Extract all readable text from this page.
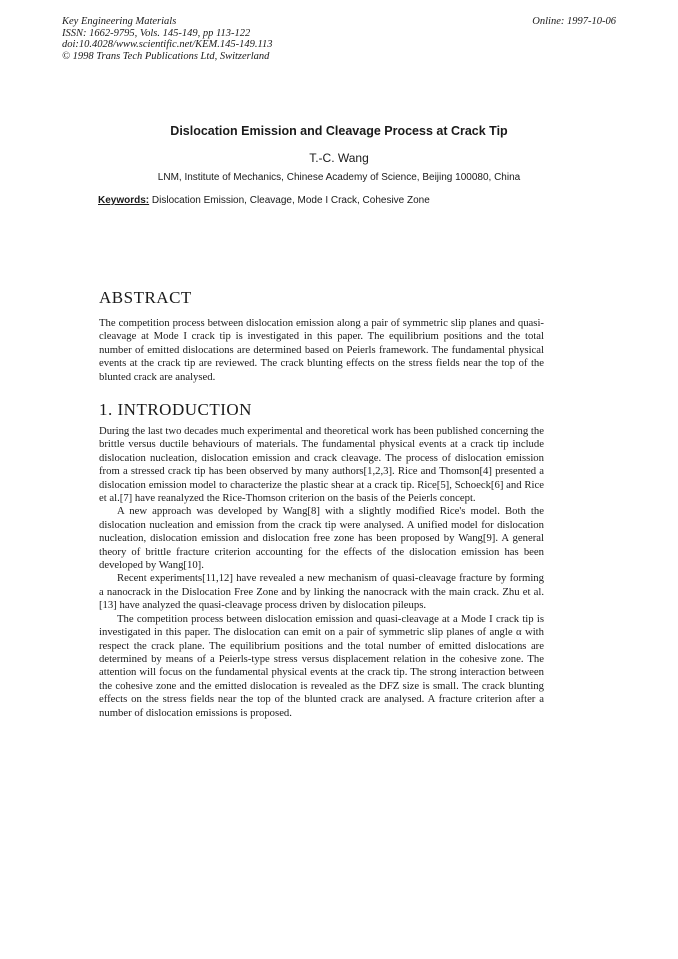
Key Engineering Materials
ISSN: 1662-9795, Vols. 145-149, pp 113-122
doi:10.4028/www.scientific.net/KEM.145-149.113
© 1998 Trans Tech Publications Ltd, Switzerland
Online: 1997-10-06
Dislocation Emission and Cleavage Process at Crack Tip
T.-C. Wang
LNM, Institute of Mechanics, Chinese Academy of Science, Beijing 100080, China
Keywords: Dislocation Emission, Cleavage, Mode I Crack, Cohesive Zone
ABSTRACT

The competition process between dislocation emission along a pair of symmetric slip planes and quasi-cleavage at Mode I crack tip is investigated in this paper. The equilibrium positions and the total number of emitted dislocations are determined based on Peierls framework. The fundamental physical events at the crack tip are reviewed. The crack blunting effects on the stress fields near the top of the blunted crack are analysed.

1. INTRODUCTION

During the last two decades much experimental and theoretical work has been published concerning the brittle versus ductile behaviours of materials. The fundamental physical events at a crack tip include dislocation nucleation, dislocation emission and crack cleavage. The process of dislocation emission from a stressed crack tip has been observed by many authors[1,2,3]. Rice and Thomson[4] presented a dislocation emission model to characterize the plastic shear at a crack tip. Rice[5], Schoeck[6] and Rice et al.[7] have reanalyzed the Rice-Thomson criterion on the basis of the Peierls concept.

A new approach was developed by Wang[8] with a slightly modified Rice's model. Both the dislocation nucleation and emission from the crack tip were analysed. A unified model for dislocation nucleation, dislocation emission and dislocation free zone has been proposed by Wang[9]. A general theory of brittle fracture criterion accounting for the effects of the dislocation emission has been developed by Wang[10].

Recent experiments[11,12] have revealed a new mechanism of quasi-cleavage fracture by forming a nanocrack in the Dislocation Free Zone and by linking the nanocrack with the main crack. Zhu et al.[13] have analyzed the quasi-cleavage process driven by dislocation pileups.

The competition process between dislocation emission and quasi-cleavage at a Mode I crack tip is investigated in this paper. The dislocation can emit on a pair of symmetric slip planes of angle α with respect the crack plane. The equilibrium positions and the total number of emitted dislocations are determined by means of a Peierls-type stress versus displacement relation in the cohesive zone. The attention will focus on the fundamental physical events at the crack tip. The strong interaction between the cohesive zone and the emitted dislocation is revealed as the DFZ size is small. The crack blunting effects on the stress fields near the top of the blunted crack are analysed. A fracture criterion after a number of dislocation emissions is proposed.
